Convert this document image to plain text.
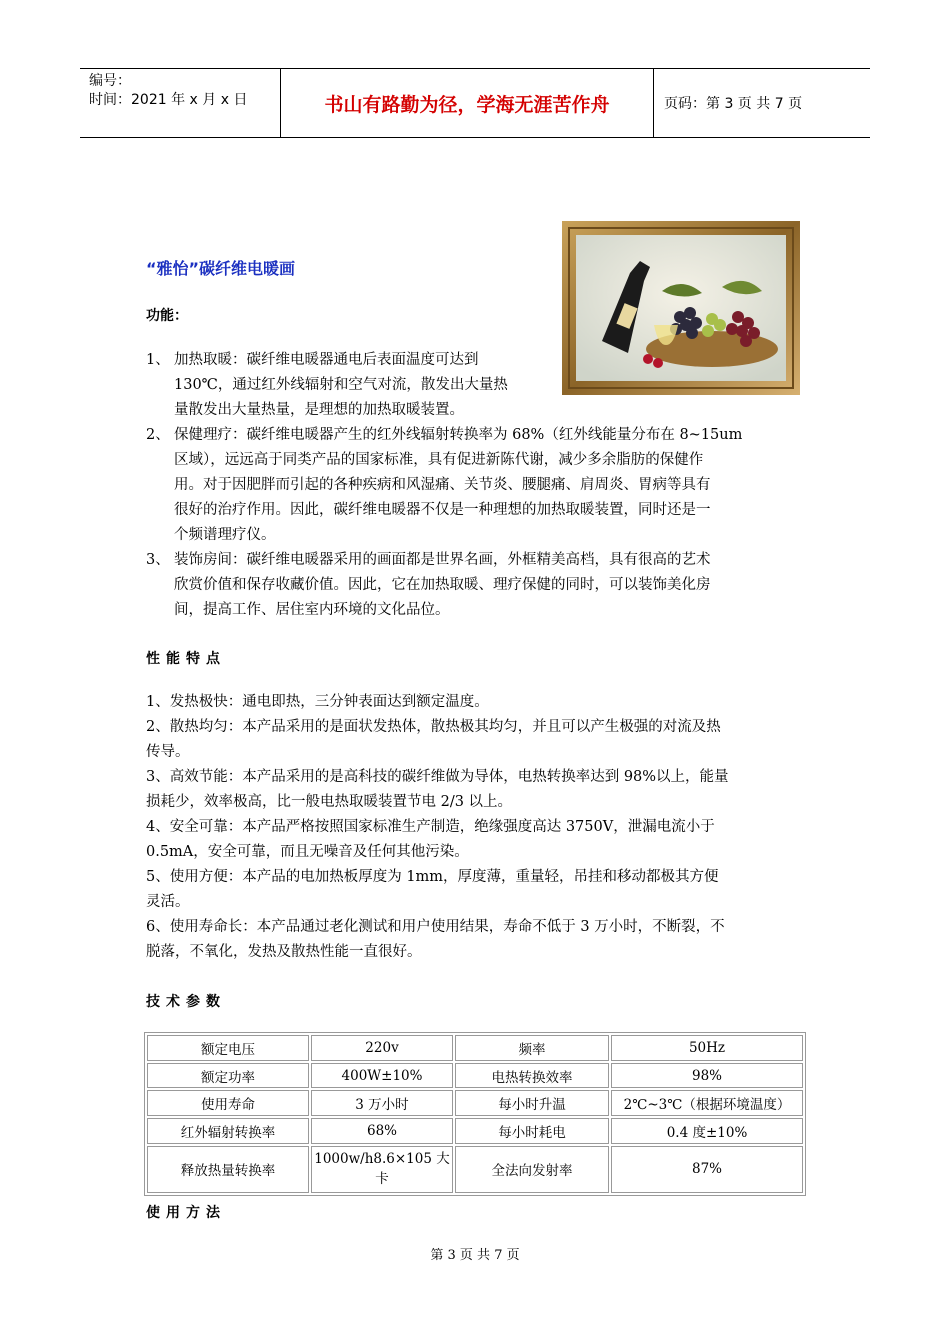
编号：
时间：2021 年 x 月 x 日	书山有路勤为径，学海无涯苦作舟	页码：第 3 页 共 7 页
“雅怡”碳纤维电暖画
功能：
1、 加热取暖：碳纤维电暖器通电后表面温度可达到
130℃，通过红外线辐射和空气对流，散发出大量热
量散发出大量热量，是理想的加热取暖装置。
2、 保健理疗：碳纤维电暖器产生的红外线辐射转换率为 68%（红外线能量分布在 8~15um
区域），远远高于同类产品的国家标准，具有促进新陈代谢，减少多余脂肪的保健作
用。对于因肥胖而引起的各种疾病和风湿痛、关节炎、腰腿痛、肩周炎、胃病等具有
很好的治疗作用。因此，碳纤维电暖器不仅是一种理想的加热取暖装置，同时还是一
个频谱理疗仪。
3、 装饰房间：碳纤维电暖器采用的画面都是世界名画，外框精美高档，具有很高的艺术
欣赏价值和保存收藏价值。因此，它在加热取暖、理疗保健的同时，可以装饰美化房
间，提高工作、居住室内环境的文化品位。
性能特点
1、发热极快：通电即热，三分钟表面达到额定温度。
2、散热均匀：本产品采用的是面状发热体，散热极其均匀，并且可以产生极强的对流及热
传导。
3、高效节能：本产品采用的是高科技的碳纤维做为导体，电热转换率达到 98%以上，能量
损耗少，效率极高，比一般电热取暖装置节电 2/3 以上。
4、安全可靠：本产品严格按照国家标准生产制造，绝缘强度高达 3750V，泄漏电流小于
0.5mA，安全可靠，而且无噪音及任何其他污染。
5、使用方便：本产品的电加热板厚度为 1mm，厚度薄，重量轻，吊挂和移动都极其方便
灵活。
6、使用寿命长：本产品通过老化测试和用户使用结果，寿命不低于 3 万小时，不断裂，不
脱落，不氧化，发热及散热性能一直很好。
技术参数
额定电压	220v	频率	50Hz
额定功率	400W±10%	电热转换效率	98%
使用寿命	3 万小时	每小时升温	2℃~3℃（根据环境温度）
红外辐射转换率	68%	每小时耗电	0.4 度±10%
释放热量转换率	1000w/h8.6×105 大卡	全法向发射率	87%
使用方法
第 3 页 共 7 页
